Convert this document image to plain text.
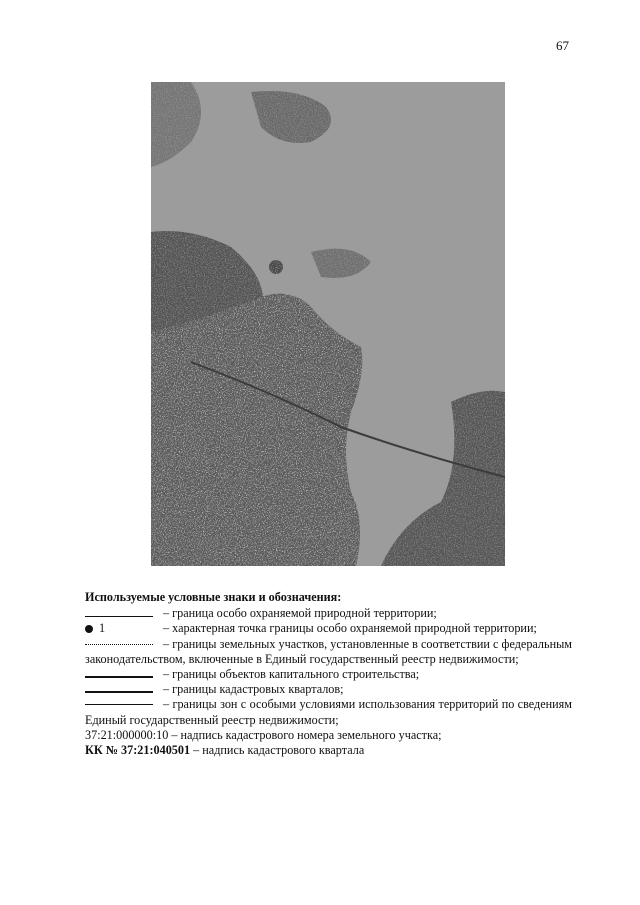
67
Используемые условные знаки и обозначения:
– граница особо охраняемой природной территории;
1	– характерная точка границы особо охраняемой природной территории;
– границы земельных участков, установленные в соответствии с федеральным законодательством, включенные в Единый государственный реестр недвижимости;
– границы объектов капитального строительства;
– границы кадастровых кварталов;
– границы зон с особыми условиями использования территорий по сведениям Единый государственный реестр недвижимости;
37:21:000000:10
– надпись кадастрового номера земельного участка;
КК № 37:21:040501
– надпись кадастрового квартала
